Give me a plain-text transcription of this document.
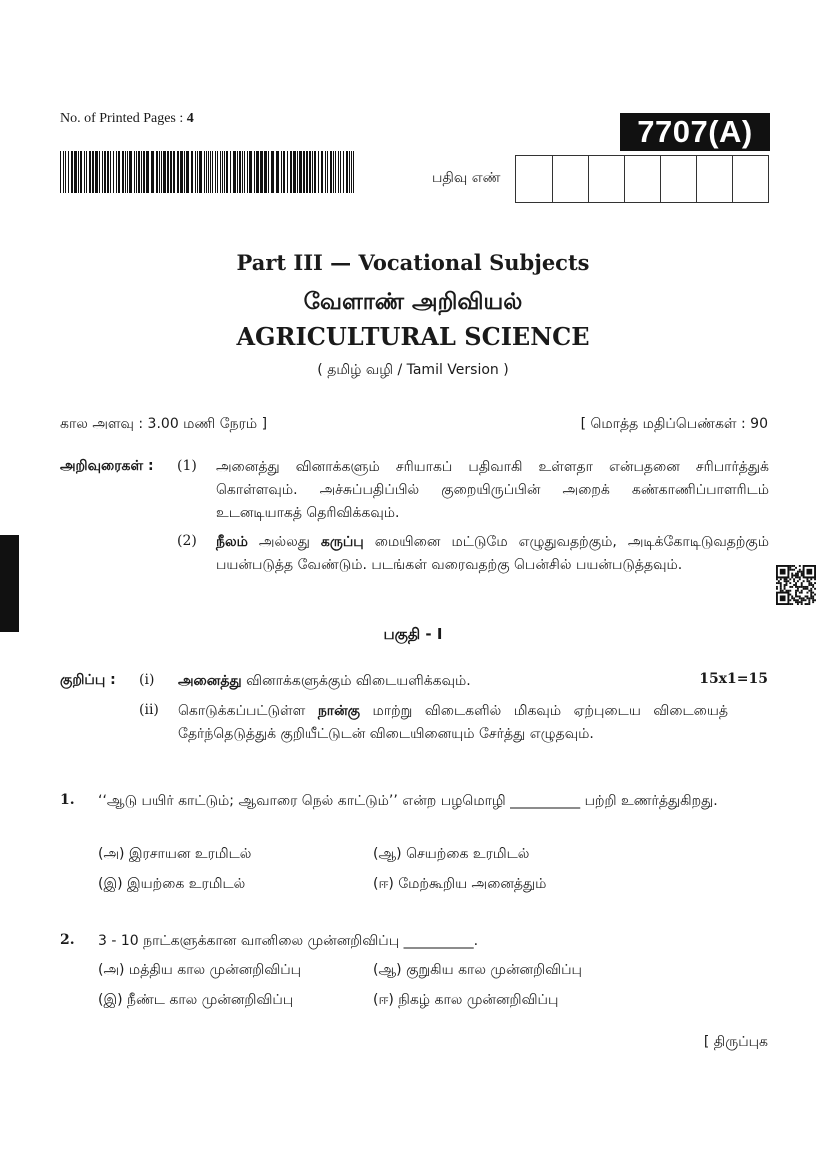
No. of Printed Pages : 4	7707(A)
பதிவு எண்
Part III — Vocational Subjects
வேளாண் அறிவியல்
AGRICULTURAL SCIENCE
( தமிழ் வழி / Tamil Version )
கால அளவு : 3.00 மணி நேரம் ]	[ மொத்த மதிப்பெண்கள் : 90
அறிவுரைகள் : (1) அனைத்து வினாக்களும் சரியாகப் பதிவாகி உள்ளதா என்பதனை சரிபார்த்துக் கொள்ளவும். அச்சுப்பதிப்பில் குறையிருப்பின் அறைக் கண்காணிப்பாளரிடம் உடனடியாகத் தெரிவிக்கவும்.
(2) நீலம் அல்லது கருப்பு மையினை மட்டுமே எழுதுவதற்கும், அடிக்கோடிடுவதற்கும் பயன்படுத்த வேண்டும். படங்கள் வரைவதற்கு பென்சில் பயன்படுத்தவும்.
பகுதி - I
குறிப்பு : (i) அனைத்து வினாக்களுக்கும் விடையளிக்கவும்.	15x1=15
(ii) கொடுக்கப்பட்டுள்ள நான்கு மாற்று விடைகளில் மிகவும் ஏற்புடைய விடையைத் தேர்ந்தெடுத்துக் குறியீட்டுடன் விடையினையும் சேர்த்து எழுதவும்.
1. ‘‘ஆடு பயிர் காட்டும்; ஆவாரை நெல் காட்டும்’’ என்ற பழமொழி __________ பற்றி உணர்த்துகிறது.
(அ) இரசாயன உரமிடல்	(ஆ) செயற்கை உரமிடல்
(இ) இயற்கை உரமிடல்	(ஈ) மேற்கூறிய அனைத்தும்
2. 3 - 10 நாட்களுக்கான வானிலை முன்னறிவிப்பு __________.
(அ) மத்திய கால முன்னறிவிப்பு	(ஆ) குறுகிய கால முன்னறிவிப்பு
(இ) நீண்ட கால முன்னறிவிப்பு	(ஈ) நிகழ் கால முன்னறிவிப்பு
[ திருப்புக
